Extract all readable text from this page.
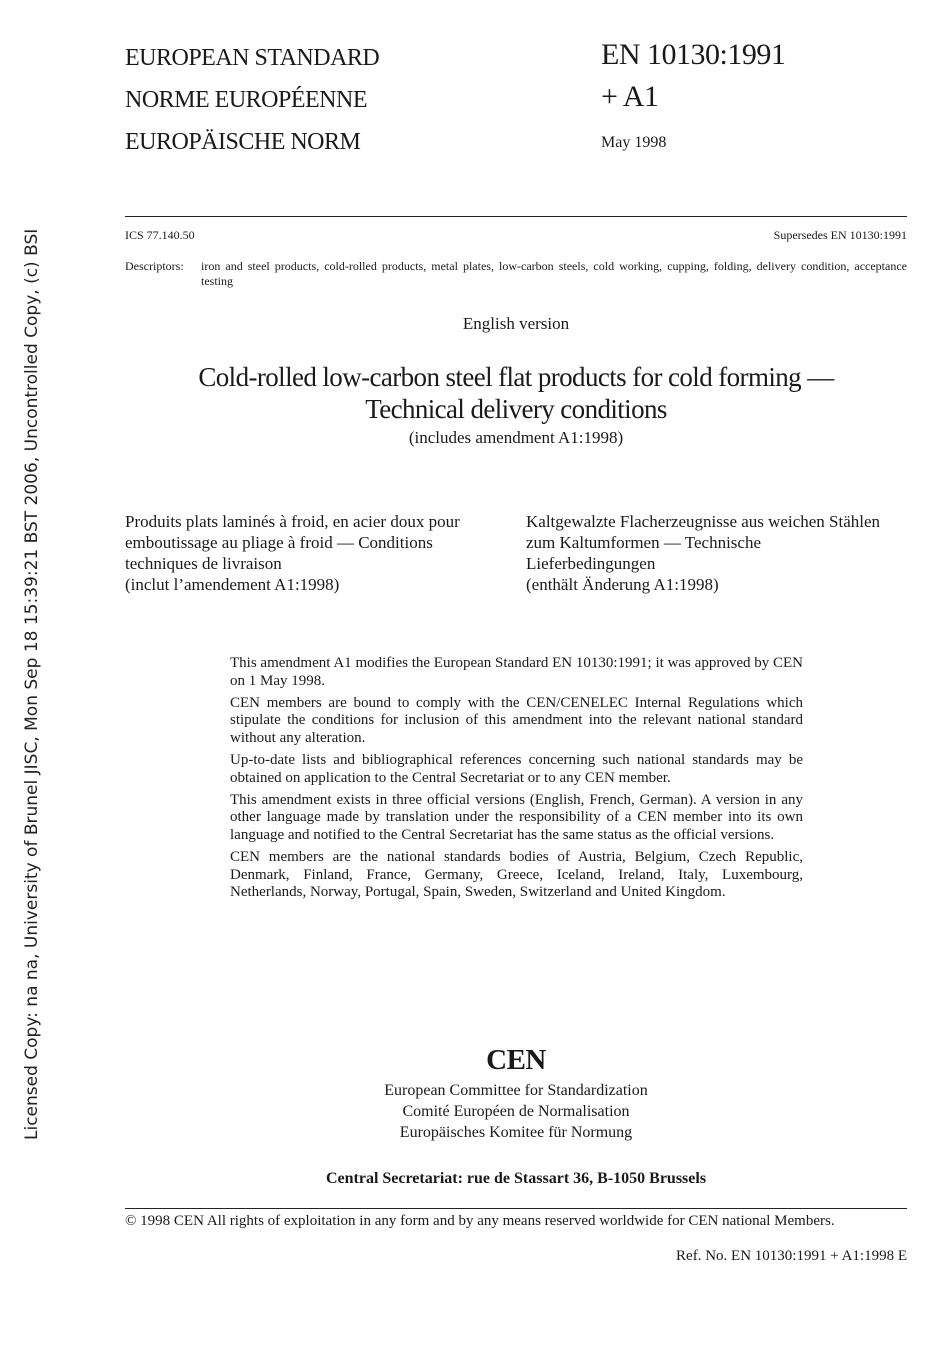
Licensed Copy: na na, University of Brunel JISC, Mon Sep 18 15:39:21 BST 2006, Uncontrolled Copy, (c) BSI
EUROPEAN STANDARD
NORME EUROPÉENNE
EUROPÄISCHE NORM
EN 10130:1991
+ A1
May 1998
ICS 77.140.50	Supersedes EN 10130:1991
Descriptors: iron and steel products, cold-rolled products, metal plates, low-carbon steels, cold working, cupping, folding, delivery condition, acceptance testing
English version
Cold-rolled low-carbon steel flat products for cold forming —
Technical delivery conditions
(includes amendment A1:1998)
Produits plats laminés à froid, en acier doux pour
emboutissage au pliage à froid — Conditions
techniques de livraison
(inclut l’amendement A1:1998)
Kaltgewalzte Flacherzeugnisse aus weichen Stählen
zum Kaltumformen — Technische
Lieferbedingungen
(enthält Änderung A1:1998)

This amendment A1 modifies the European Standard EN 10130:1991; it was approved by CEN on 1 May 1998.

CEN members are bound to comply with the CEN/CENELEC Internal Regulations which stipulate the conditions for inclusion of this amendment into the relevant national standard without any alteration.

Up-to-date lists and bibliographical references concerning such national standards may be obtained on application to the Central Secretariat or to any CEN member.

This amendment exists in three official versions (English, French, German). A version in any other language made by translation under the responsibility of a CEN member into its own language and notified to the Central Secretariat has the same status as the official versions.

CEN members are the national standards bodies of Austria, Belgium, Czech Republic, Denmark, Finland, France, Germany, Greece, Iceland, Ireland, Italy, Luxembourg, Netherlands, Norway, Portugal, Spain, Sweden, Switzerland and United Kingdom.

CEN
European Committee for Standardization
Comité Européen de Normalisation
Europäisches Komitee für Normung
Central Secretariat: rue de Stassart 36, B-1050 Brussels
© 1998 CEN All rights of exploitation in any form and by any means reserved worldwide for CEN national Members.
Ref. No. EN 10130:1991 + A1:1998 E
